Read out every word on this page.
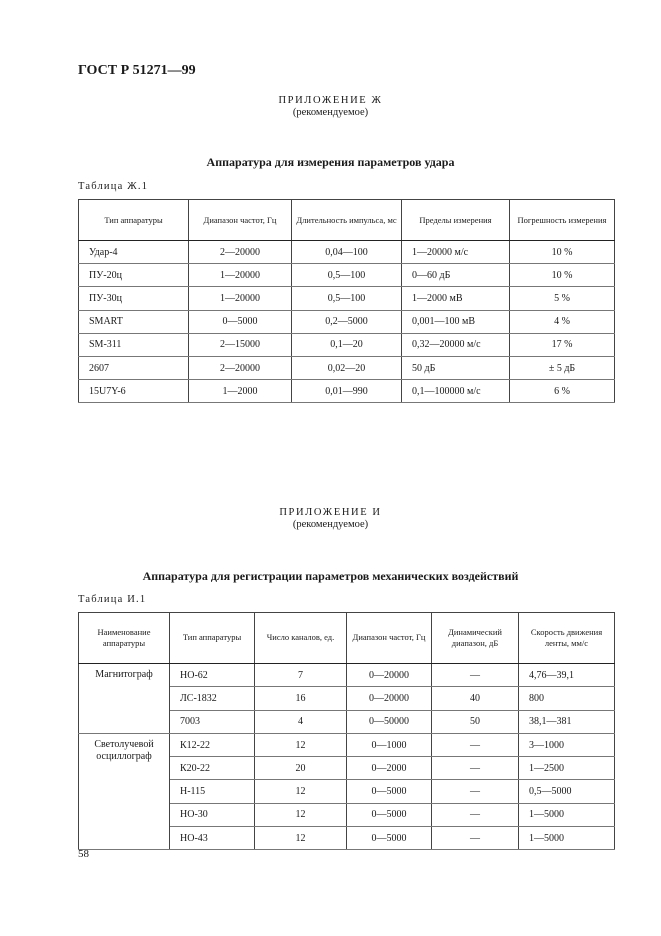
ГОСТ Р 51271—99
ПРИЛОЖЕНИЕ Ж
(рекомендуемое)
Аппаратура для измерения параметров удара
Таблица Ж.1
Тип аппаратуры	Диапазон частот, Гц	Длительность импульса, мс	Пределы измерения	Погрешность измерения
Удар-4	2—20000	0,04—100	1—20000 м/с	10 %
ПУ-20ц	1—20000	0,5—100	0—60 дБ	10 %
ПУ-30ц	1—20000	0,5—100	1—2000 мВ	5 %
SMART	0—5000	0,2—5000	0,001—100 мВ	4 %
SM-311	2—15000	0,1—20	0,32—20000 м/с	17 %
2607	2—20000	0,02—20	50 дБ	± 5 дБ
15U7Y-6	1—2000	0,01—990	0,1—100000 м/с	6 %
ПРИЛОЖЕНИЕ И
(рекомендуемое)
Аппаратура для регистрации параметров механических воздействий
Таблица И.1
Наименование аппаратуры	Тип аппаратуры	Число каналов, ед.	Диапазон частот, Гц	Динамический диапазон, дБ	Скорость движения ленты, мм/с
Магнитограф	НО-62	7	0—20000	—	4,76—39,1
	ЛС-1832	16	0—20000	40	800
	7003	4	0—50000	50	38,1—381
Светолучевой осциллограф	К12-22	12	0—1000	—	3—1000
	К20-22	20	0—2000	—	1—2500
	Н-115	12	0—5000	—	0,5—5000
	НО-30	12	0—5000	—	1—5000
	НО-43	12	0—5000	—	1—5000
58
